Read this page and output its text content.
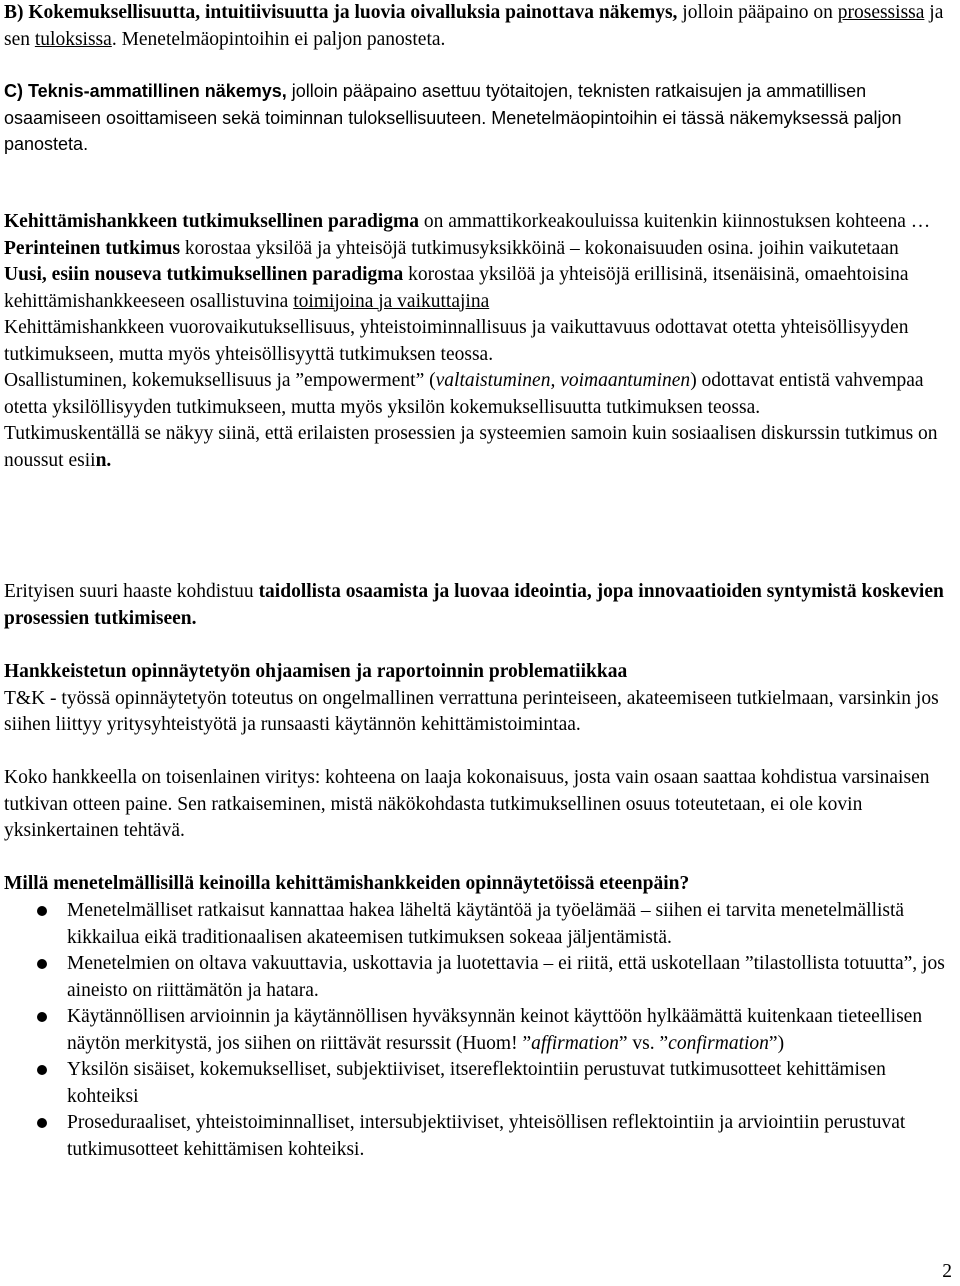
B) Kokemuksellisuutta, intuitiivisuutta ja luovia oivalluksia painottava näkemys, jolloin pääpaino on prosessissa ja sen tuloksissa. Menetelmäopintoihin ei paljon panosteta.

C) Teknis-ammatillinen näkemys, jolloin pääpaino asettuu työtaitojen, teknisten ratkaisujen ja ammatillisen osaamiseen osoittamiseen sekä toiminnan tuloksellisuuteen. Menetelmäopintoihin ei tässä näkemyksessä paljon panosteta.

Kehittämishankkeen tutkimuksellinen paradigma on ammattikorkeakouluissa kuitenkin kiinnostuksen kohteena …
Perinteinen tutkimus korostaa yksilöä ja yhteisöjä tutkimusyksikköinä – kokonaisuuden osina. joihin vaikutetaan
Uusi, esiin nouseva tutkimuksellinen paradigma korostaa yksilöä ja yhteisöjä erillisinä, itsenäisinä, omaehtoisina kehittämishankkeeseen osallistuvina toimijoina ja vaikuttajina
Kehittämishankkeen vuorovaikutuksellisuus, yhteistoiminnallisuus ja vaikuttavuus odottavat otetta yhteisöllisyyden tutkimukseen, mutta myös yhteisöllisyyttä tutkimuksen teossa.
Osallistuminen, kokemuksellisuus ja ”empowerment” (valtaistuminen, voimaantuminen) odottavat entistä vahvempaa otetta yksilöllisyyden tutkimukseen, mutta myös yksilön kokemuksellisuutta tutkimuksen teossa.
Tutkimuskentällä se näkyy siinä, että erilaisten prosessien ja systeemien samoin kuin sosiaalisen diskurssin tutkimus on noussut esiin.

Erityisen suuri haaste kohdistuu taidollista osaamista ja luovaa ideointia, jopa innovaatioiden syntymistä koskevien prosessien tutkimiseen.

Hankkeistetun opinnäytetyön ohjaamisen ja raportoinnin problematiikkaa
T&K - työssä opinnäytetyön toteutus on ongelmallinen verrattuna perinteiseen, akateemiseen tutkielmaan, varsinkin jos siihen liittyy yritysyhteistyötä ja runsaasti käytännön kehittämistoimintaa.

Koko hankkeella on toisenlainen viritys: kohteena on laaja kokonaisuus, josta vain osaan saattaa kohdistua varsinaisen tutkivan otteen paine. Sen ratkaiseminen, mistä näkökohdasta tutkimuksellinen osuus toteutetaan, ei ole kovin yksinkertainen tehtävä.

Millä menetelmällisillä keinoilla kehittämishankkeiden opinnäytetöissä eteenpäin?

Menetelmälliset ratkaisut kannattaa hakea läheltä käytäntöä ja työelämää – siihen ei tarvita menetelmällistä kikkailua eikä traditionaalisen akateemisen tutkimuksen sokeaa jäljentämistä.
Menetelmien on oltava vakuuttavia, uskottavia ja luotettavia – ei riitä, että uskotellaan ”tilastollista totuutta”, jos aineisto on riittämätön ja hatara.
Käytännöllisen arvioinnin ja käytännöllisen hyväksynnän keinot käyttöön hylkäämättä kuitenkaan tieteellisen näytön merkitystä, jos siihen on riittävät resurssit (Huom! ”affirmation” vs. ”confirmation”)
Yksilön sisäiset, kokemukselliset, subjektiiviset, itsereflektointiin perustuvat tutkimusotteet kehittämisen kohteiksi
Proseduraaliset, yhteistoiminnalliset, intersubjektiiviset, yhteisöllisen reflektointiin ja arviointiin perustuvat tutkimusotteet kehittämisen kohteiksi.
2
